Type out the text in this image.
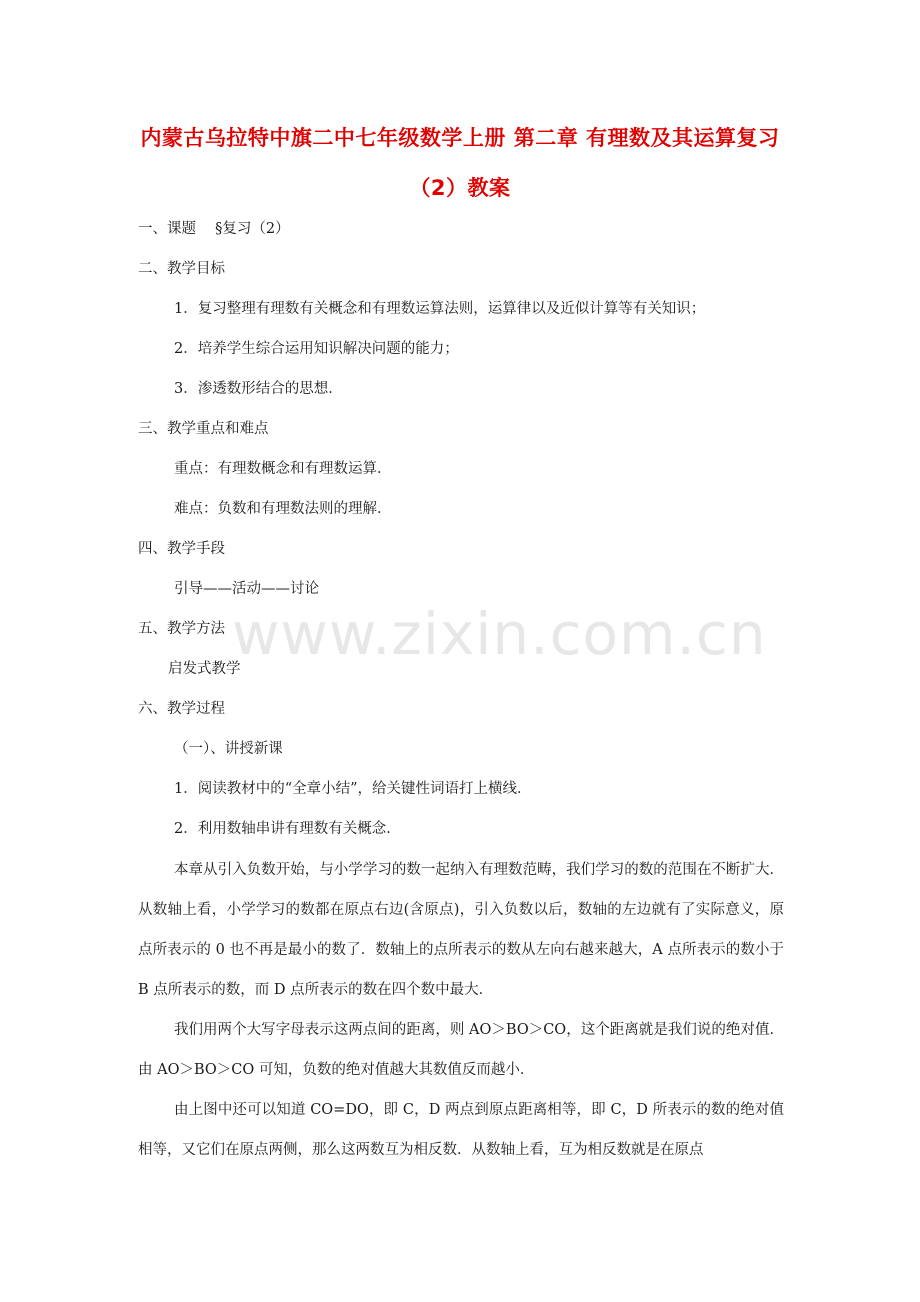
内蒙古乌拉特中旗二中七年级数学上册 第二章 有理数及其运算复习
（2）教案
一、课题　 §复习（2）
二、教学目标
1．复习整理有理数有关概念和有理数运算法则，运算律以及近似计算等有关知识；
2．培养学生综合运用知识解决问题的能力；
3．渗透数形结合的思想．
三、教学重点和难点
重点：有理数概念和有理数运算．
难点：负数和有理数法则的理解．
四、教学手段
引导——活动——讨论
五、教学方法
启发式教学
六、教学过程
（一）、讲授新课
1．阅读教材中的“全章小结”，给关键性词语打上横线．
2．利用数轴串讲有理数有关概念．
本章从引入负数开始，与小学学习的数一起纳入有理数范畴，我们学习的数的范围在不断扩大．从数轴上看，小学学习的数都在原点右边(含原点)，引入负数以后，数轴的左边就有了实际意义，原点所表示的 0 也不再是最小的数了．数轴上的点所表示的数从左向右越来越大，A 点所表示的数小于 B 点所表示的数，而 D 点所表示的数在四个数中最大．
我们用两个大写字母表示这两点间的距离，则 AO＞BO＞CO，这个距离就是我们说的绝对值．由 AO＞BO＞CO 可知，负数的绝对值越大其数值反而越小．
由上图中还可以知道 CO=DO，即 C，D 两点到原点距离相等，即 C，D 所表示的数的绝对值相等，又它们在原点两侧，那么这两数互为相反数．从数轴上看，互为相反数就是在原点
www.zixin.com.cn
